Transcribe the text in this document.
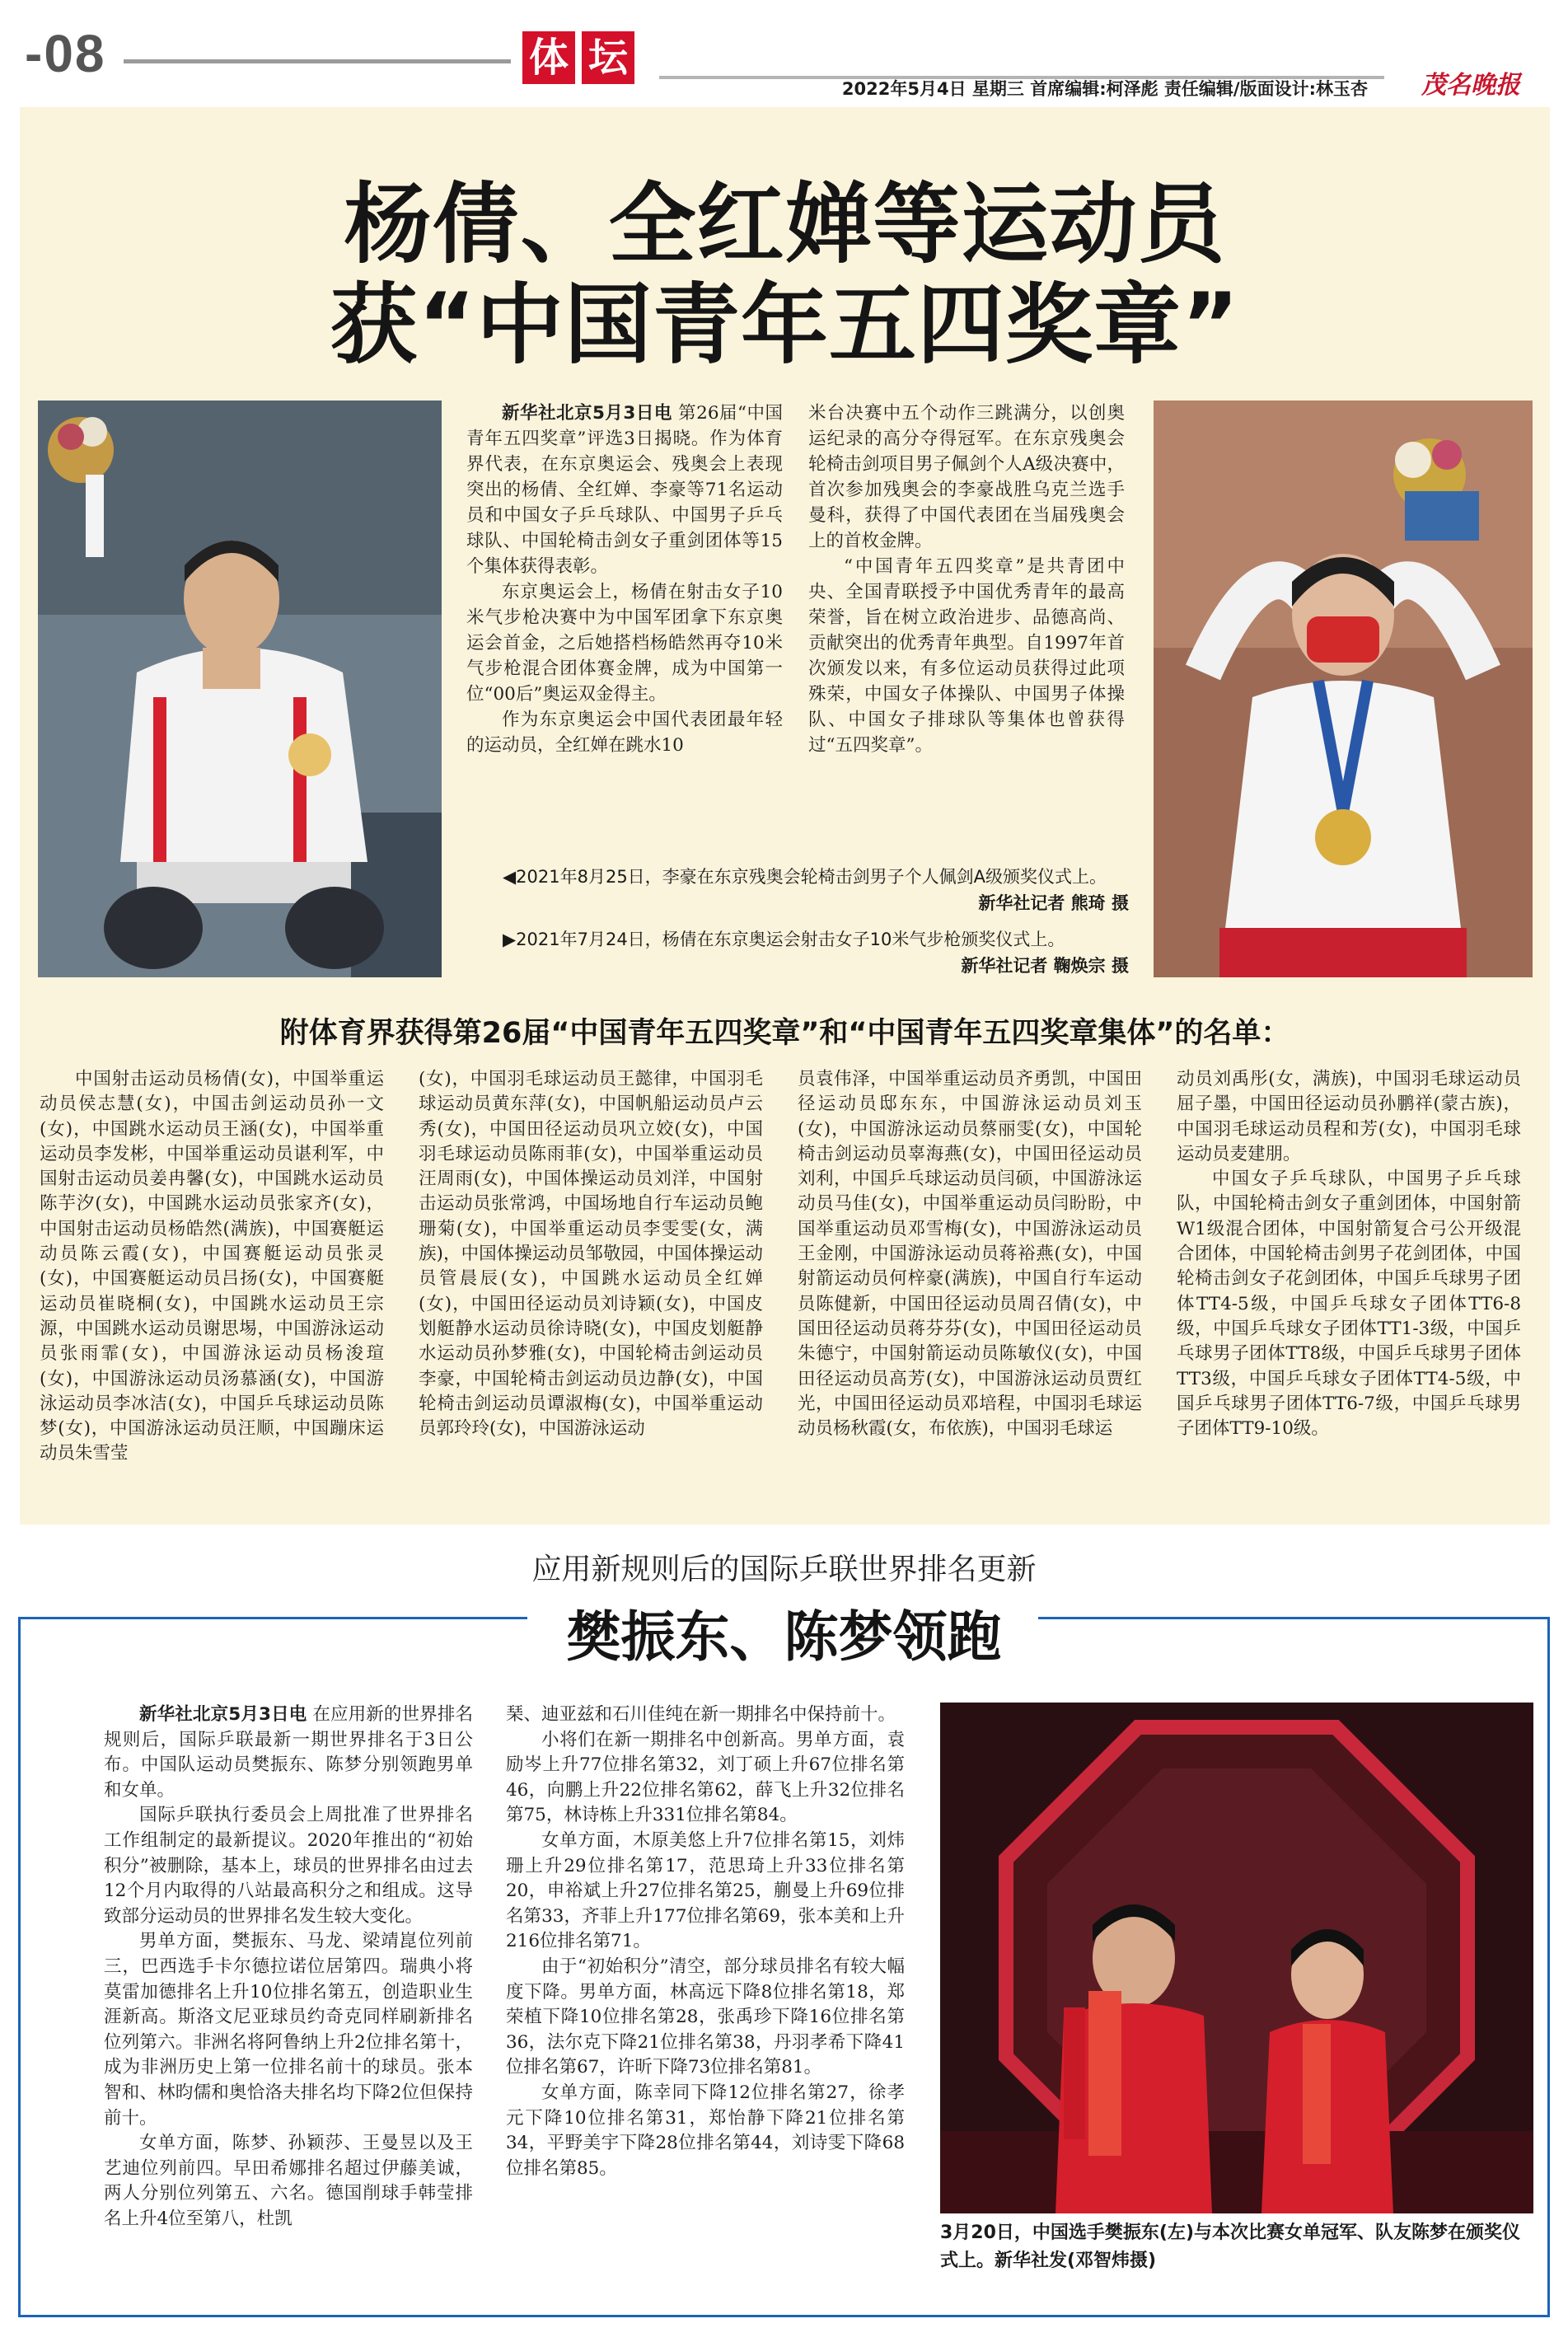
-08	体 坛
2022年5月4日 星期三 首席编辑:柯泽彪 责任编辑/版面设计:林玉杏	茂名晚报
杨倩、全红婵等运动员
获“中国青年五四奖章”

新华社北京5月3日电 第26届“中国青年五四奖章”评选3日揭晓。作为体育界代表，在东京奥运会、残奥会上表现突出的杨倩、全红婵、李豪等71名运动员和中国女子乒乓球队、中国男子乒乓球队、中国轮椅击剑女子重剑团体等15个集体获得表彰。

东京奥运会上，杨倩在射击女子10米气步枪决赛中为中国军团拿下东京奥运会首金，之后她搭档杨皓然再夺10米气步枪混合团体赛金牌，成为中国第一位“00后”奥运双金得主。

作为东京奥运会中国代表团最年轻的运动员，全红婵在跳水10

米台决赛中五个动作三跳满分，以创奥运纪录的高分夺得冠军。在东京残奥会轮椅击剑项目男子佩剑个人A级决赛中，首次参加残奥会的李豪战胜乌克兰选手曼科，获得了中国代表团在当届残奥会上的首枚金牌。

“中国青年五四奖章”是共青团中央、全国青联授予中国优秀青年的最高荣誉，旨在树立政治进步、品德高尚、贡献突出的优秀青年典型。自1997年首次颁发以来，有多位运动员获得过此项殊荣，中国女子体操队、中国男子体操队、中国女子排球队等集体也曾获得过“五四奖章”。

◀2021年8月25日，李豪在东京残奥会轮椅击剑男子个人佩剑A级颁奖仪式上。
新华社记者 熊琦 摄
▶2021年7月24日，杨倩在东京奥运会射击女子10米气步枪颁奖仪式上。
新华社记者 鞠焕宗 摄
附体育界获得第26届“中国青年五四奖章”和“中国青年五四奖章集体”的名单：

中国射击运动员杨倩(女)，中国举重运动员侯志慧(女)，中国击剑运动员孙一文(女)，中国跳水运动员王涵(女)，中国举重运动员李发彬，中国举重运动员谌利军，中国射击运动员姜冉馨(女)，中国跳水运动员陈芋汐(女)，中国跳水运动员张家齐(女)，中国射击运动员杨皓然(满族)，中国赛艇运动员陈云霞(女)，中国赛艇运动员张灵(女)，中国赛艇运动员吕扬(女)，中国赛艇运动员崔晓桐(女)，中国跳水运动员王宗源，中国跳水运动员谢思埸，中国游泳运动员张雨霏(女)，中国游泳运动员杨浚瑄(女)，中国游泳运动员汤慕涵(女)，中国游泳运动员李冰洁(女)，中国乒乓球运动员陈梦(女)，中国游泳运动员汪顺，中国蹦床运动员朱雪莹

(女)，中国羽毛球运动员王懿律，中国羽毛球运动员黄东萍(女)，中国帆船运动员卢云秀(女)，中国田径运动员巩立姣(女)，中国羽毛球运动员陈雨菲(女)，中国举重运动员汪周雨(女)，中国体操运动员刘洋，中国射击运动员张常鸿，中国场地自行车运动员鲍珊菊(女)，中国举重运动员李雯雯(女，满族)，中国体操运动员邹敬园，中国体操运动员管晨辰(女)，中国跳水运动员全红婵(女)，中国田径运动员刘诗颖(女)，中国皮划艇静水运动员徐诗晓(女)，中国皮划艇静水运动员孙梦雅(女)，中国轮椅击剑运动员李豪，中国轮椅击剑运动员边静(女)，中国轮椅击剑运动员谭淑梅(女)，中国举重运动员郭玲玲(女)，中国游泳运动

员袁伟泽，中国举重运动员齐勇凯，中国田径运动员邸东东，中国游泳运动员刘玉(女)，中国游泳运动员蔡丽雯(女)，中国轮椅击剑运动员辜海燕(女)，中国田径运动员刘利，中国乒乓球运动员闫硕，中国游泳运动员马佳(女)，中国举重运动员闫盼盼，中国举重运动员邓雪梅(女)，中国游泳运动员王金刚，中国游泳运动员蒋裕燕(女)，中国射箭运动员何梓豪(满族)，中国自行车运动员陈健新，中国田径运动员周召倩(女)，中国田径运动员蒋芬芬(女)，中国田径运动员朱德宁，中国射箭运动员陈敏仪(女)，中国田径运动员高芳(女)，中国游泳运动员贾红光，中国田径运动员邓培程，中国羽毛球运动员杨秋霞(女，布依族)，中国羽毛球运

动员刘禹彤(女，满族)，中国羽毛球运动员屈子墨，中国田径运动员孙鹏祥(蒙古族)，中国羽毛球运动员程和芳(女)，中国羽毛球运动员麦建朋。

中国女子乒乓球队，中国男子乒乓球队，中国轮椅击剑女子重剑团体，中国射箭W1级混合团体，中国射箭复合弓公开级混合团体，中国轮椅击剑男子花剑团体，中国轮椅击剑女子花剑团体，中国乒乓球男子团体TT4-5级，中国乒乓球女子团体TT6-8级，中国乒乓球女子团体TT1-3级，中国乒乓球男子团体TT8级，中国乒乓球男子团体TT3级，中国乒乓球女子团体TT4-5级，中国乒乓球男子团体TT6-7级，中国乒乓球男子团体TT9-10级。

应用新规则后的国际乒联世界排名更新
樊振东、陈梦领跑

新华社北京5月3日电 在应用新的世界排名规则后，国际乒联最新一期世界排名于3日公布。中国队运动员樊振东、陈梦分别领跑男单和女单。

国际乒联执行委员会上周批准了世界排名工作组制定的最新提议。2020年推出的“初始积分”被删除，基本上，球员的世界排名由过去12个月内取得的八站最高积分之和组成。这导致部分运动员的世界排名发生较大变化。

男单方面，樊振东、马龙、梁靖崑位列前三，巴西选手卡尔德拉诺位居第四。瑞典小将莫雷加德排名上升10位排名第五，创造职业生涯新高。斯洛文尼亚球员约奇克同样刷新排名位列第六。非洲名将阿鲁纳上升2位排名第十，成为非洲历史上第一位排名前十的球员。张本智和、林昀儒和奥恰洛夫排名均下降2位但保持前十。

女单方面，陈梦、孙颖莎、王曼昱以及王艺迪位列前四。早田希娜排名超过伊藤美诚，两人分别位列第五、六名。德国削球手韩莹排名上升4位至第八，杜凯

琹、迪亚兹和石川佳纯在新一期排名中保持前十。

小将们在新一期排名中创新高。男单方面，袁励岑上升77位排名第32，刘丁硕上升67位排名第46，向鹏上升22位排名第62，薛飞上升32位排名第75，林诗栋上升331位排名第84。

女单方面，木原美悠上升7位排名第15，刘炜珊上升29位排名第17，范思琦上升33位排名第20，申裕斌上升27位排名第25，蒯曼上升69位排名第33，齐菲上升177位排名第69，张本美和上升216位排名第71。

由于“初始积分”清空，部分球员排名有较大幅度下降。男单方面，林高远下降8位排名第18，郑荣植下降10位排名第28，张禹珍下降16位排名第36，法尔克下降21位排名第38，丹羽孝希下降41位排名第67，许昕下降73位排名第81。

女单方面，陈幸同下降12位排名第27，徐孝元下降10位排名第31，郑怡静下降21位排名第34，平野美宇下降28位排名第44，刘诗雯下降68位排名第85。

3月20日，中国选手樊振东(左)与本次比赛女单冠军、队友陈梦在颁奖仪式上。新华社发(邓智炜摄)
